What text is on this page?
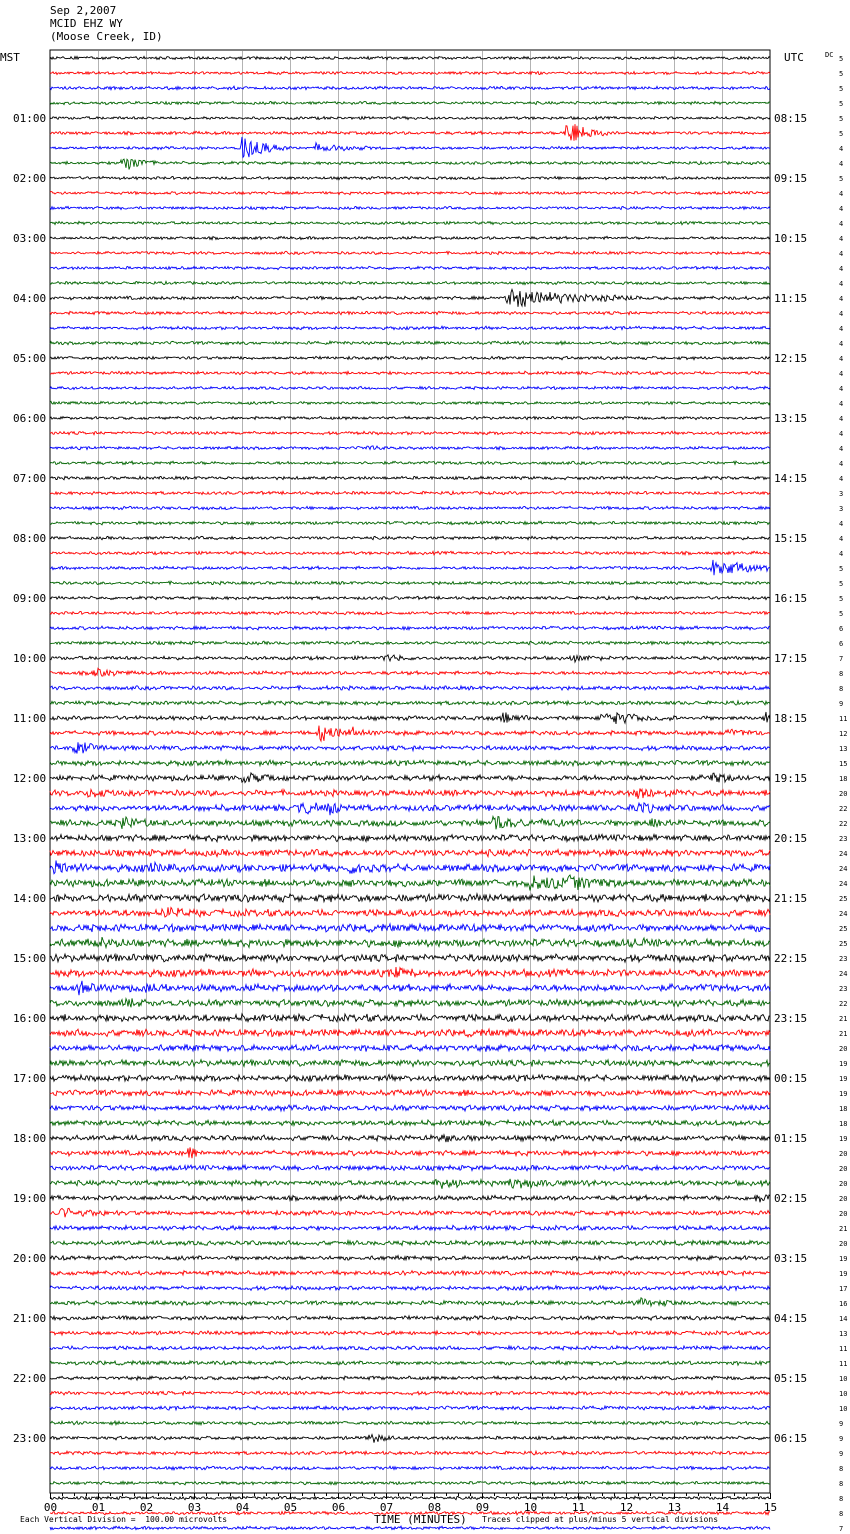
Sep 2,2007
MCID EHZ WY
(Moose Creek, ID)
MST	UTC	DC
TIME (MINUTES)
00	01	02	03	04	05	06	07	08	09	10	11	12	13	14	15
01:00
02:00
03:00
04:00
05:00
06:00
07:00
08:00
09:00
10:00
11:00
12:00
13:00
14:00
15:00
16:00
17:00
18:00
19:00
20:00
21:00
22:00
23:00
08:15
09:15
10:15
11:15
12:15
13:15
14:15
15:15
16:15
17:15
18:15
19:15
20:15
21:15
22:15
23:15
00:15
01:15
02:15
03:15
04:15
05:15
06:15
5
5
5
5
5
5
4
4
5
4
4
4
4
4
4
4
4
4
4
4
4
4
4
4
4
4
4
4
4
3
3
4
4
4
5
5
5
5
6
6
7
8
8
9
11
12
13
15
18
20
22
22
23
24
24
24
25
24
25
25
23
24
23
22
21
21
20
19
19
19
18
18
19
20
20
20
20
20
21
20
19
19
17
16
14
13
11
11
10
10
10
9
9
9
8
8
8
8
7
Each Vertical Division =  100.00 microvolts	Traces clipped at plus/minus 5 vertical divisions
